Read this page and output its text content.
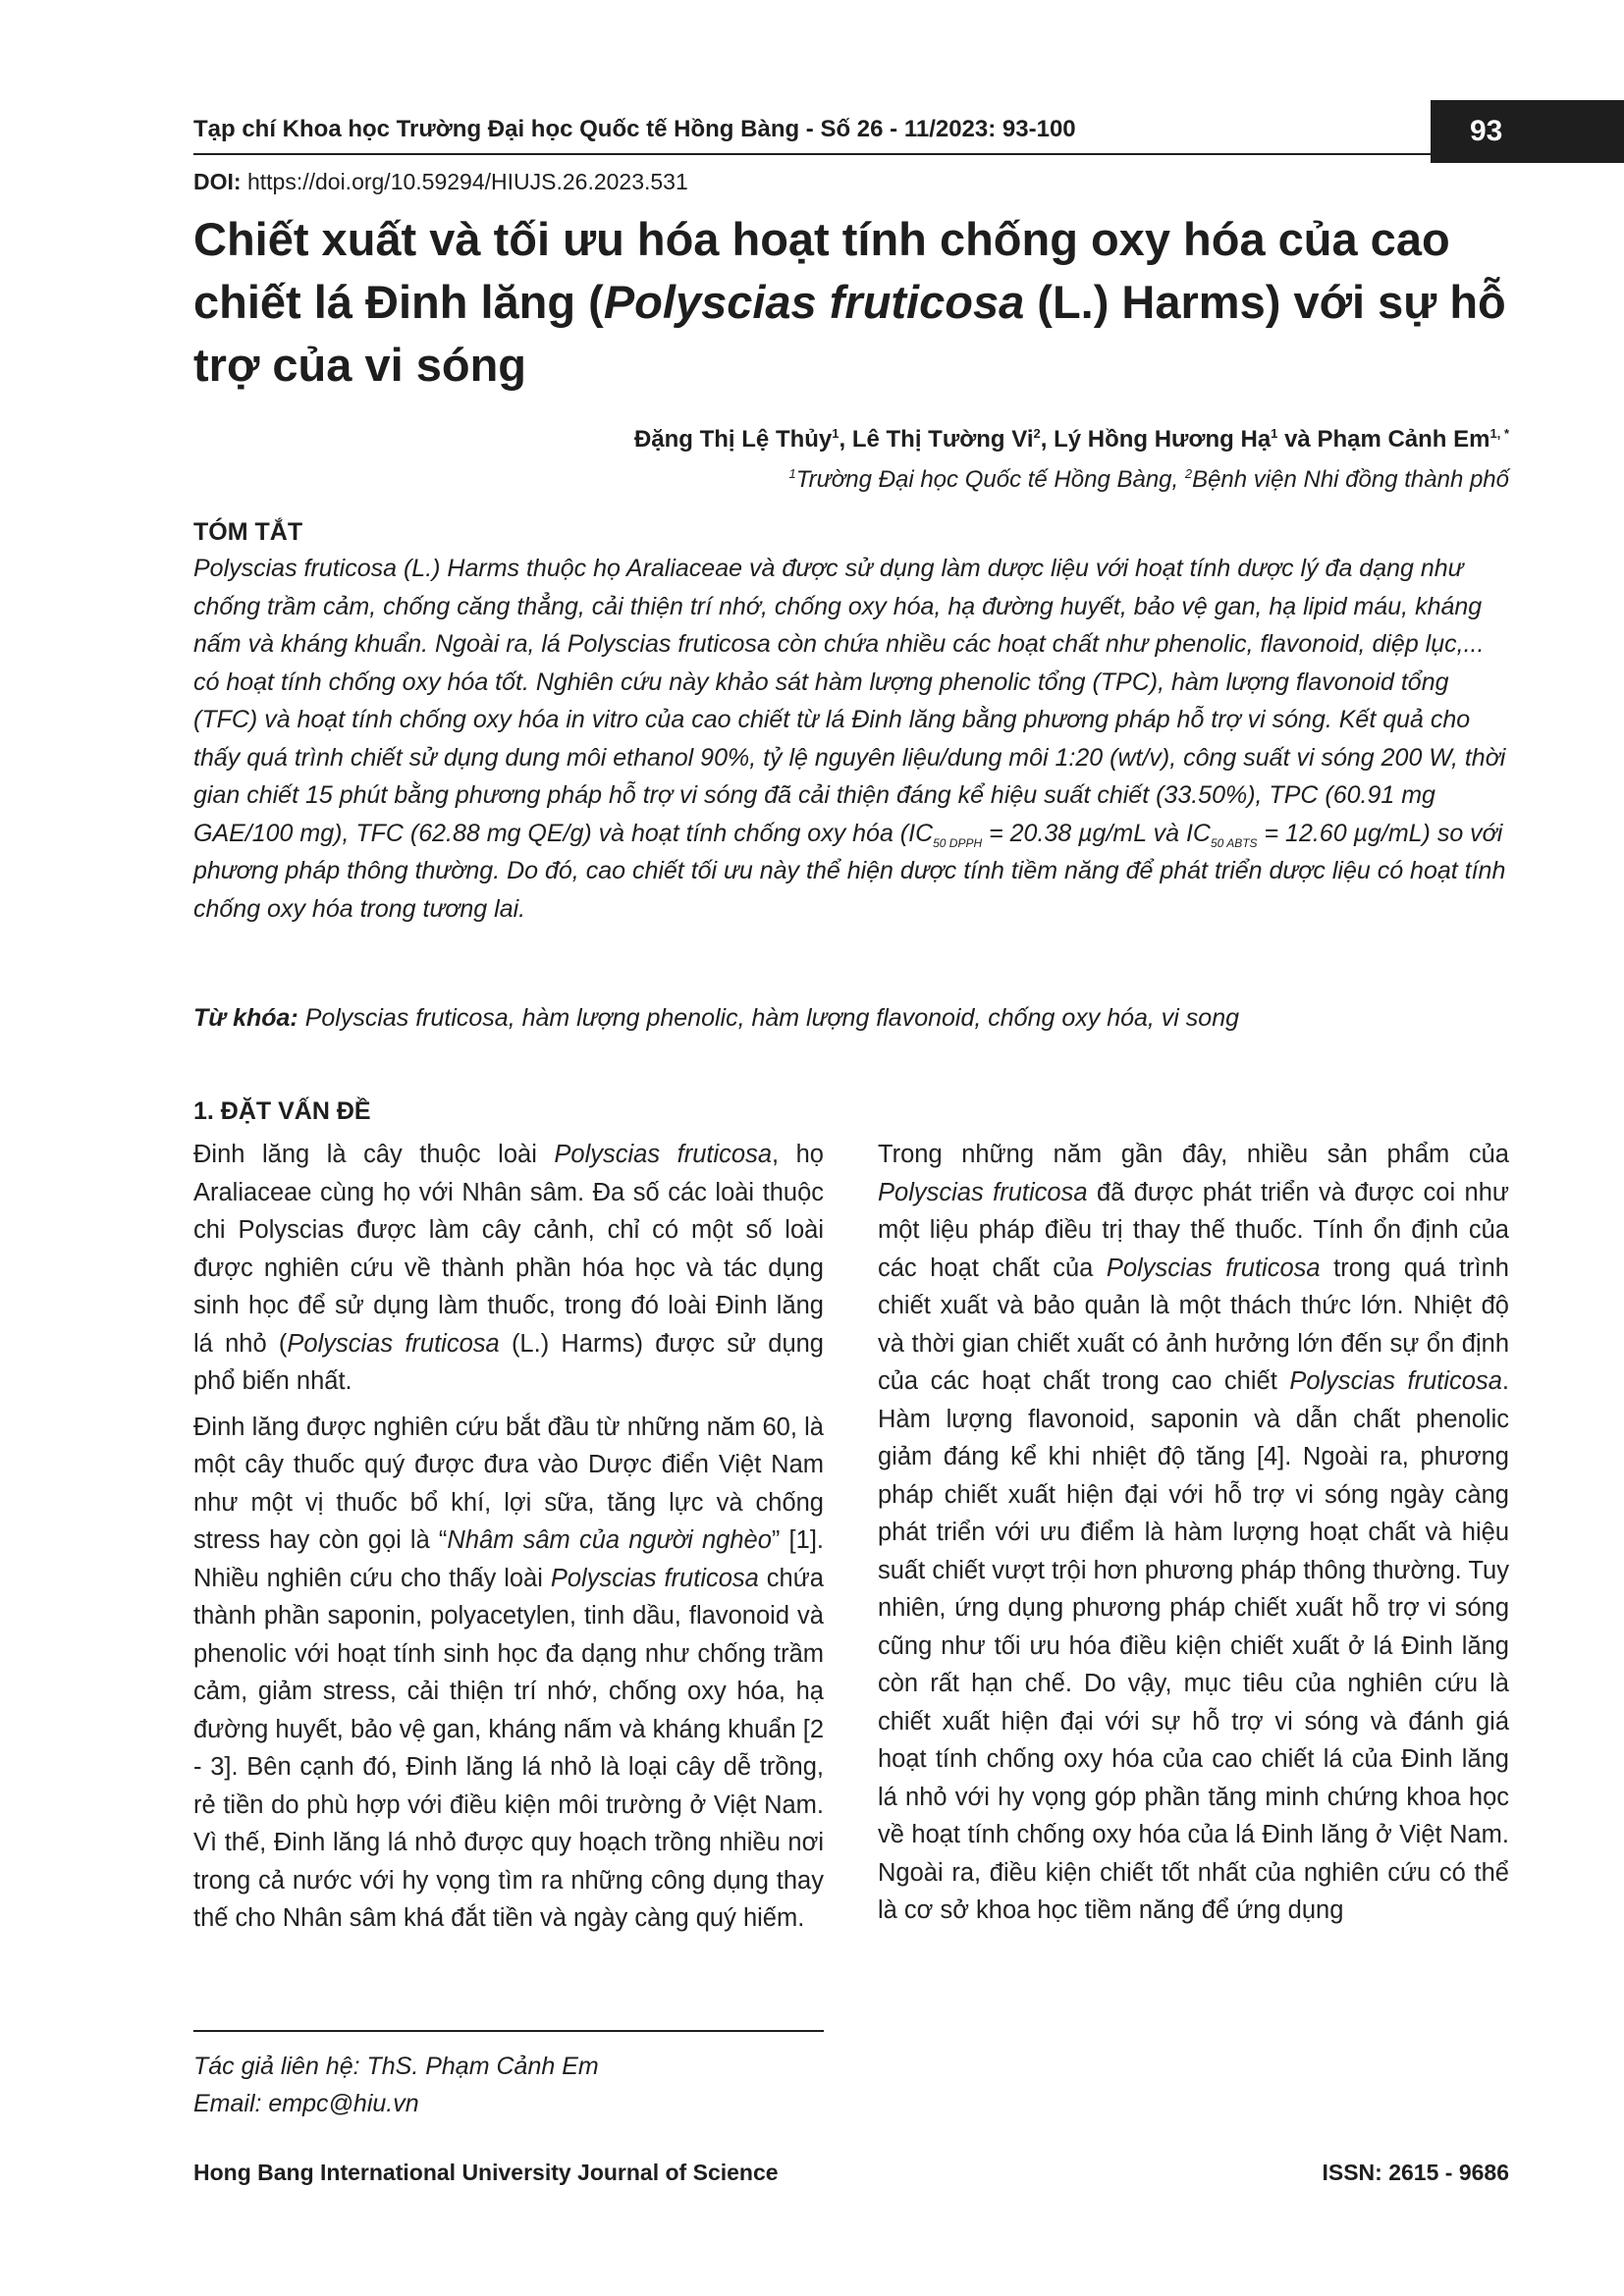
Tạp chí Khoa học Trường Đại học Quốc tế Hồng Bàng - Số 26 - 11/2023: 93-100	93
DOI: https://doi.org/10.59294/HIUJS.26.2023.531
Chiết xuất và tối ưu hóa hoạt tính chống oxy hóa của cao chiết lá Đinh lăng (Polyscias fruticosa (L.) Harms) với sự hỗ trợ của vi sóng
Đặng Thị Lệ Thủy$^1$, Lê Thị Tường Vi$^2$, Lý Hồng Hương Hạ$^1$ và Phạm Cảnh $Em^{1, *}$
$^1$Trường Đại học Quốc tế Hồng Bàng, $^2$Bệnh viện Nhi đồng thành phố
TÓM TẮT
Polyscias fruticosa (L.) Harms thuộc họ Araliaceae và được sử dụng làm dược liệu với hoạt tính dược lý đa dạng như chống trầm cảm, chống căng thẳng, cải thiện trí nhớ, chống oxy hóa, hạ đường huyết, bảo vệ gan, hạ lipid máu, kháng nấm và kháng khuẩn. Ngoài ra, lá Polyscias fruticosa còn chứa nhiều các hoạt chất như phenolic, flavonoid, diệp lục,... có hoạt tính chống oxy hóa tốt. Nghiên cứu này khảo sát hàm lượng phenolic tổng (TPC), hàm lượng flavonoid tổng (TFC) và hoạt tính chống oxy hóa in vitro của cao chiết từ lá Đinh lăng bằng phương pháp hỗ trợ vi sóng. Kết quả cho thấy quá trình chiết sử dụng dung môi ethanol 90%, tỷ lệ nguyên liệu/dung môi 1:20 (wt/v), công suất vi sóng 200 W, thời gian chiết 15 phút bằng phương pháp hỗ trợ vi sóng đã cải thiện đáng kể hiệu suất chiết (33.50%), TPC (60.91 mg GAE/100 mg), TFC (62.88 mg QE/g) và hoạt tính chống oxy hóa ($IC_{50 DPPH} = 20.38$ µg/mL và $IC_{50 ABTS} = 12.60$ µg/mL) so với phương pháp thông thường. Do đó, cao chiết tối ưu này thể hiện dược tính tiềm năng để phát triển dược liệu có hoạt tính chống oxy hóa trong tương lai.
Từ khóa: Polyscias fruticosa, hàm lượng phenolic, hàm lượng flavonoid, chống oxy hóa, vi song
1. ĐẶT VẤN ĐỀ

Đinh lăng là cây thuộc loài Polyscias fruticosa, họ Araliaceae cùng họ với Nhân sâm. Đa số các loài thuộc chi Polyscias được làm cây cảnh, chỉ có một số loài được nghiên cứu về thành phần hóa học và tác dụng sinh học để sử dụng làm thuốc, trong đó loài Đinh lăng lá nhỏ (Polyscias fruticosa (L.) Harms) được sử dụng phổ biến nhất.

Đinh lăng được nghiên cứu bắt đầu từ những năm 60, là một cây thuốc quý được đưa vào Dược điển Việt Nam như một vị thuốc bổ khí, lợi sữa, tăng lực và chống stress hay còn gọi là “Nhâm sâm của người nghèo” [1]. Nhiều nghiên cứu cho thấy loài Polyscias fruticosa chứa thành phần saponin, polyacetylen, tinh dầu, flavonoid và phenolic với hoạt tính sinh học đa dạng như chống trầm cảm, giảm stress, cải thiện trí nhớ, chống oxy hóa, hạ đường huyết, bảo vệ gan, kháng nấm và kháng khuẩn [2 - 3]. Bên cạnh đó, Đinh lăng lá nhỏ là loại cây dễ trồng, rẻ tiền do phù hợp với điều kiện môi trường ở Việt Nam. Vì thế, Đinh lăng lá nhỏ được quy hoạch trồng nhiều nơi trong cả nước với hy vọng tìm ra những công dụng thay thế cho Nhân sâm khá đắt tiền và ngày càng quý hiếm.

Trong những năm gần đây, nhiều sản phẩm của Polyscias fruticosa đã được phát triển và được coi như một liệu pháp điều trị thay thế thuốc. Tính ổn định của các hoạt chất của Polyscias fruticosa trong quá trình chiết xuất và bảo quản là một thách thức lớn. Nhiệt độ và thời gian chiết xuất có ảnh hưởng lớn đến sự ổn định của các hoạt chất trong cao chiết Polyscias fruticosa. Hàm lượng flavonoid, saponin và dẫn chất phenolic giảm đáng kể khi nhiệt độ tăng [4]. Ngoài ra, phương pháp chiết xuất hiện đại với hỗ trợ vi sóng ngày càng phát triển với ưu điểm là hàm lượng hoạt chất và hiệu suất chiết vượt trội hơn phương pháp thông thường. Tuy nhiên, ứng dụng phương pháp chiết xuất hỗ trợ vi sóng cũng như tối ưu hóa điều kiện chiết xuất ở lá Đinh lăng còn rất hạn chế. Do vậy, mục tiêu của nghiên cứu là chiết xuất hiện đại với sự hỗ trợ vi sóng và đánh giá hoạt tính chống oxy hóa của cao chiết lá của Đinh lăng lá nhỏ với hy vọng góp phần tăng minh chứng khoa học về hoạt tính chống oxy hóa của lá Đinh lăng ở Việt Nam. Ngoài ra, điều kiện chiết tốt nhất của nghiên cứu có thể là cơ sở khoa học tiềm năng để ứng dụng

Tác giả liên hệ: ThS. Phạm Cảnh Em
Email: empc@hiu.vn
Hong Bang International University Journal of Science	ISSN: 2615 - 9686
